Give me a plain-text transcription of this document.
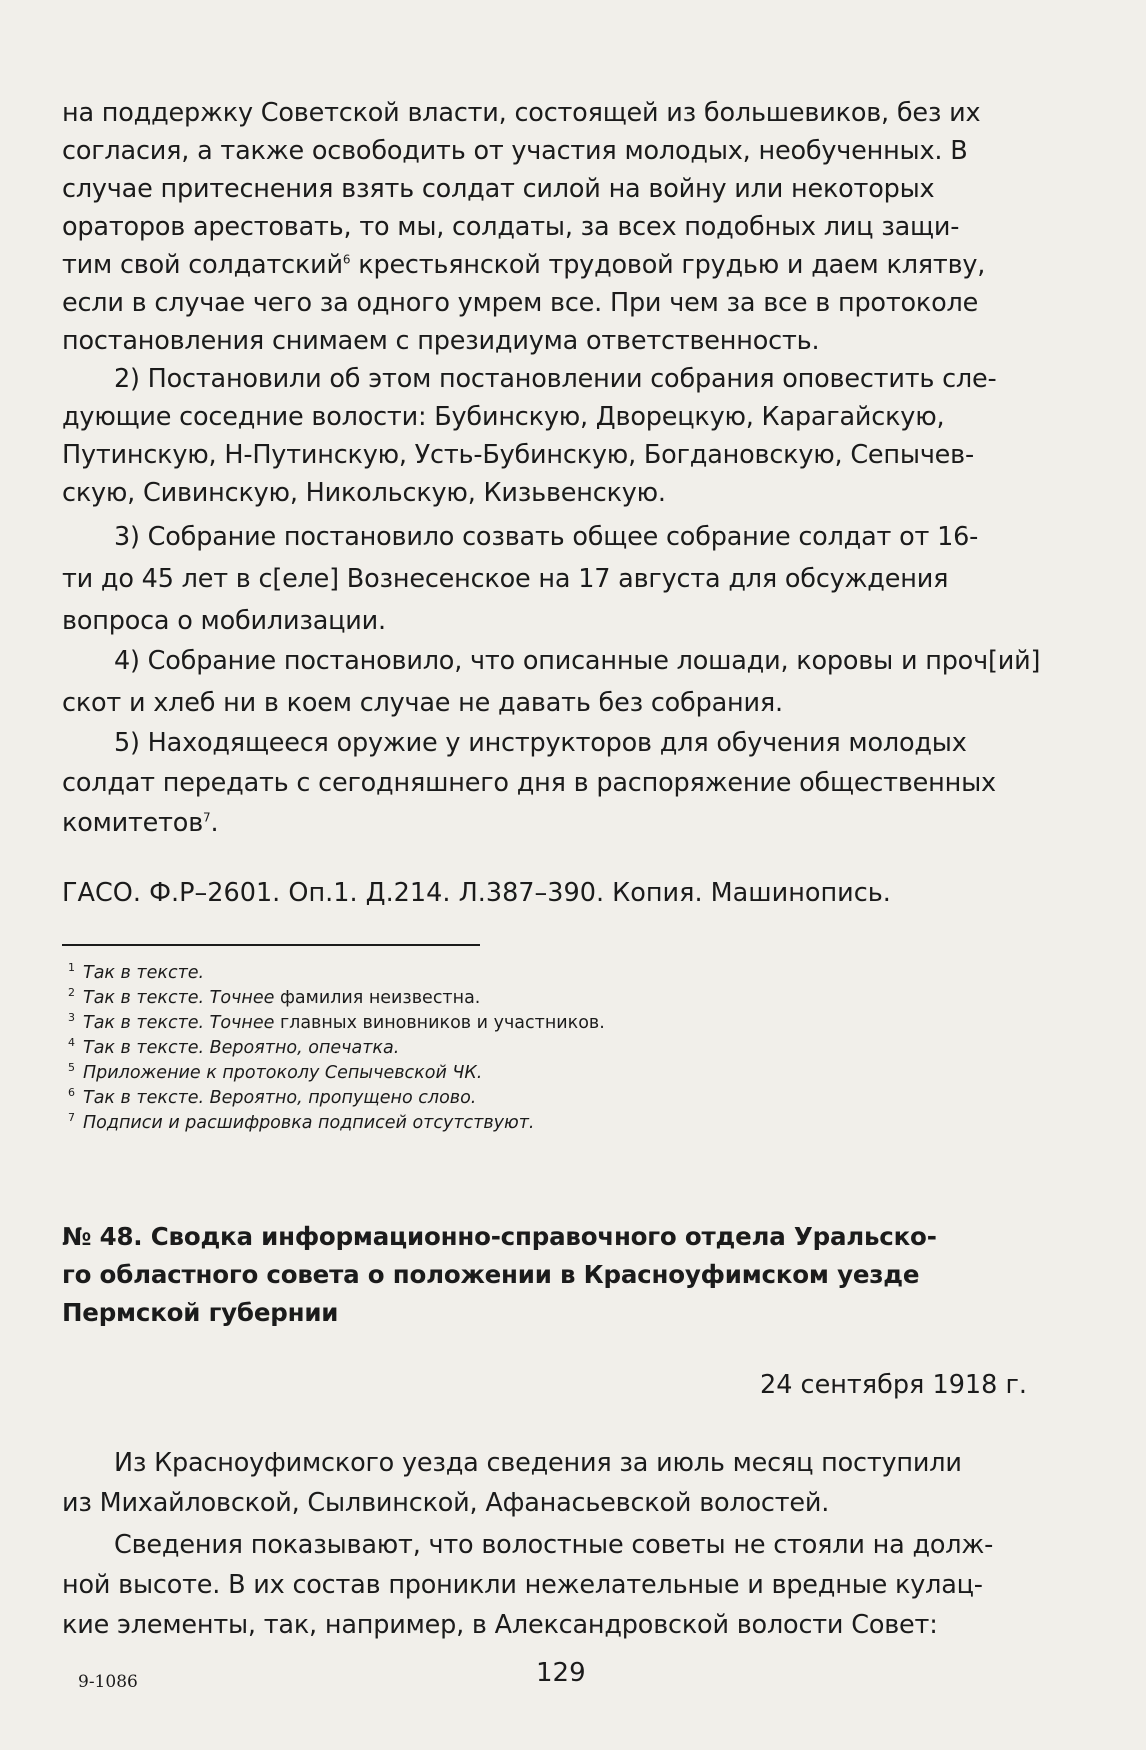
на поддержку Советской власти, состоящей из большевиков, без их
согласия, а также освободить от участия молодых, необученных. В
случае притеснения взять солдат силой на войну или некоторых
ораторов арестовать, то мы, солдаты, за всех подобных лиц защи-
тим свой солдатский$^6$ крестьянской трудовой грудью и даем клятву,
если в случае чего за одного умрем все. При чем за все в протоколе
постановления снимаем с президиума ответственность.
2) Постановили об этом постановлении собрания оповестить сле-
дующие соседние волости: Бубинскую, Дворецкую, Карагайскую,
Путинскую, Н-Путинскую, Усть-Бубинскую, Богдановскую, Сепычев-
скую, Сивинскую, Никольскую, Кизьвенскую.
3) Собрание постановило созвать общее собрание солдат от 16-
ти до 45 лет в с[еле] Вознесенское на 17 августа для обсуждения
вопроса о мобилизации.
4) Собрание постановило, что описанные лошади, коровы и проч[ий]
скот и хлеб ни в коем случае не давать без собрания.
5) Находящееся оружие у инструкторов для обучения молодых
солдат передать с сегодняшнего дня в распоряжение общественных
комитетов$^7$.
ГАСО. Ф.Р–2601. Оп.1. Д.214. Л.387–390. Копия. Машинопись.
$^1$ Так в тексте.
$^2$ Так в тексте. Точнее фамилия неизвестна.
$^3$ Так в тексте. Точнее главных виновников и участников.
$^4$ Так в тексте. Вероятно, опечатка.
$^5$ Приложение к протоколу Сепычевской ЧК.
$^6$ Так в тексте. Вероятно, пропущено слово.
$^7$ Подписи и расшифровка подписей отсутствуют.
№ 48. Сводка информационно-справочного отдела Уральско-
го областного совета о положении в Красноуфимском уезде
Пермской губернии
24 сентября 1918 г.
Из Красноуфимского уезда сведения за июль месяц поступили
из Михайловской, Сылвинской, Афанасьевской волостей.
Сведения показывают, что волостные советы не стояли на долж-
ной высоте. В их состав проникли нежелательные и вредные кулац-
кие элементы, так, например, в Александровской волости Совет:
129
9-1086
